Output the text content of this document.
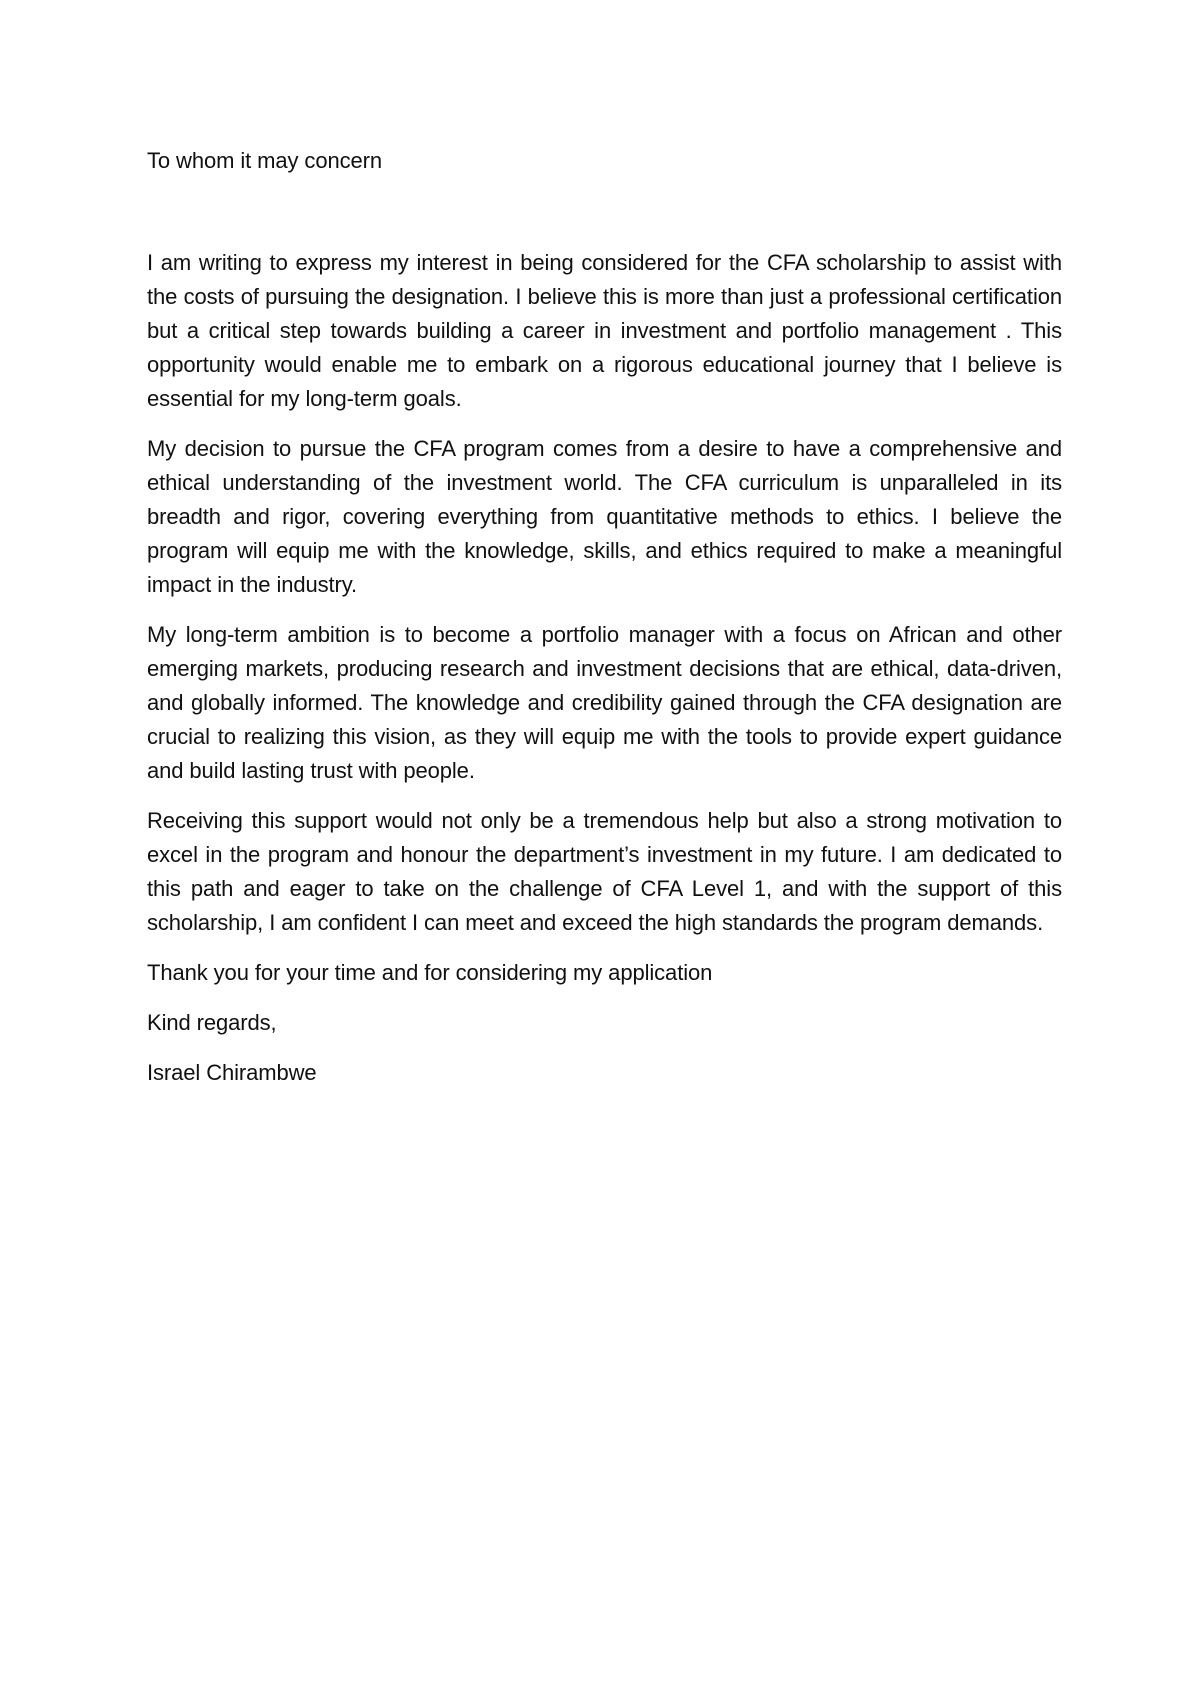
To whom it may concern

I am writing to express my interest in being considered for the CFA scholarship to assist with the costs of pursuing the designation. I believe this is more than just a professional certification but a critical step towards building a career in investment and portfolio management . This opportunity would enable me to embark on a rigorous educational journey that I believe is essential for my long-term goals.

My decision to pursue the CFA program comes from a desire to have a comprehensive and ethical understanding of the investment world. The CFA curriculum is unparalleled in its breadth and rigor, covering everything from quantitative methods to ethics. I believe the program will equip me with the knowledge, skills, and ethics required to make a meaningful impact in the industry.

My long-term ambition is to become a portfolio manager with a focus on African and other emerging markets, producing research and investment decisions that are ethical, data-driven, and globally informed. The knowledge and credibility gained through the CFA designation are crucial to realizing this vision, as they will equip me with the tools to provide expert guidance and build lasting trust with people.

Receiving this support would not only be a tremendous help but also a strong motivation to excel in the program and honour the department’s investment in my future. I am dedicated to this path and eager to take on the challenge of CFA Level 1, and with the support of this scholarship, I am confident I can meet and exceed the high standards the program demands.

Thank you for your time and for considering my application

Kind regards,

Israel Chirambwe
